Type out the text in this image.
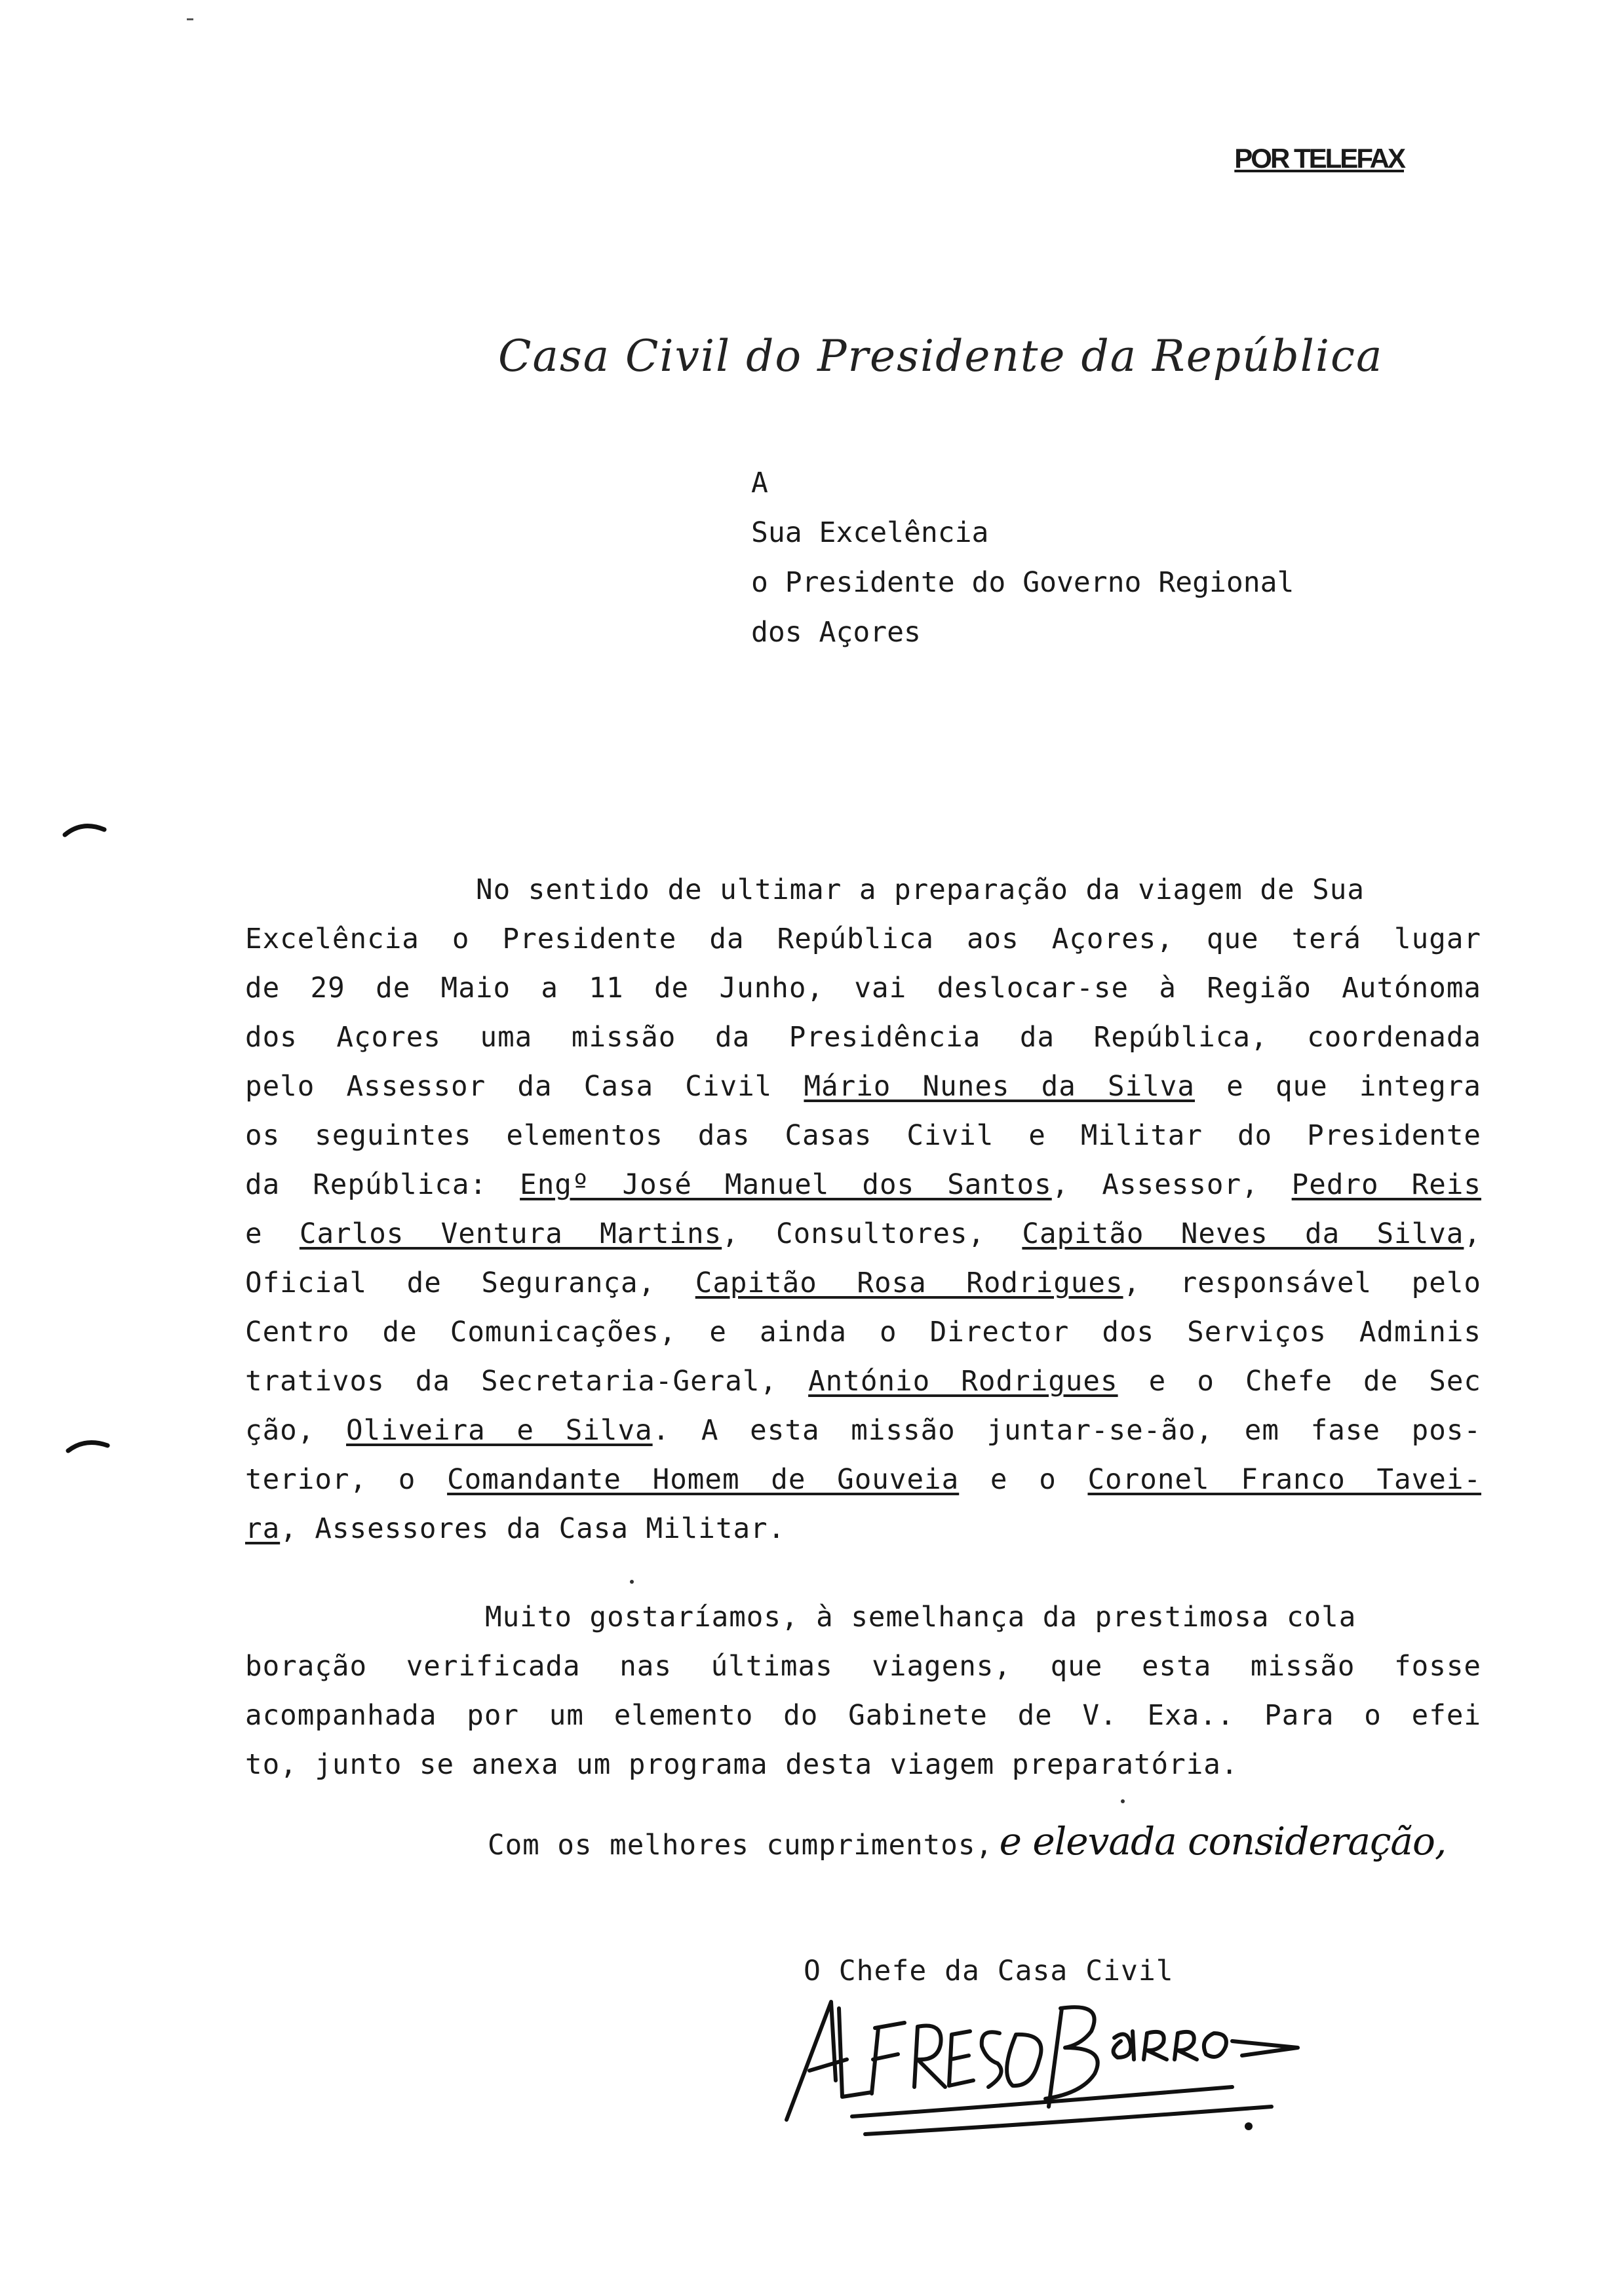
POR TELEFAX
Casa Civil do Presidente da República
A
Sua Excelência
o Presidente do Governo Regional
dos Açores
No sentido de ultimar a preparação da viagem de Sua
Excelência o Presidente da República aos Açores, que terá lugar
de 29 de Maio a 11 de Junho, vai deslocar-se à Região Autónoma
dos Açores uma missão da Presidência da República, coordenada
pelo Assessor da Casa Civil Mário Nunes da Silva e que integra
os seguintes elementos das Casas Civil e Militar do Presidente
da República: Engº José Manuel dos Santos, Assessor, Pedro Reis
e Carlos Ventura Martins, Consultores, Capitão Neves da Silva,
Oficial de Segurança, Capitão Rosa Rodrigues, responsável pelo
Centro de Comunicações, e ainda o Director dos Serviços Adminis
trativos da Secretaria-Geral, António Rodrigues e o Chefe de Sec
ção, Oliveira e Silva. A esta missão juntar-se-ão, em fase pos-
terior, o Comandante Homem de Gouveia e o Coronel Franco Tavei-
ra, Assessores da Casa Militar.
Muito gostaríamos, à semelhança da prestimosa cola
boração verificada nas últimas viagens, que esta missão fosse
acompanhada por um elemento do Gabinete de V. Exa.. Para o efei
to, junto se anexa um programa desta viagem preparatória.
Com os melhores cumprimentos, e elevada consideração,
O Chefe da Casa Civil
